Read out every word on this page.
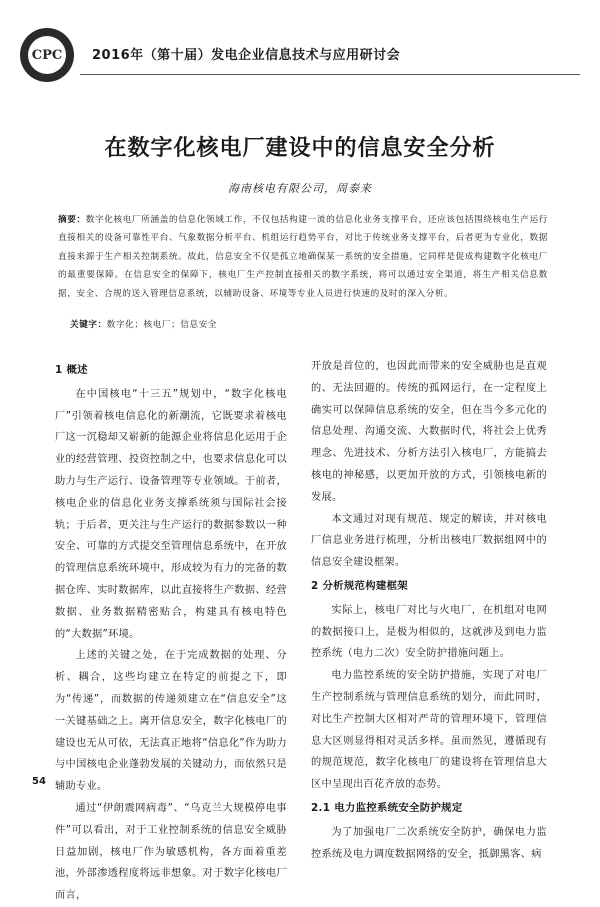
CPC 2016年（第十届）发电企业信息技术与应用研讨会
在数字化核电厂建设中的信息安全分析
海南核电有限公司，周泰来
摘要：数字化核电厂所涵盖的信息化领域工作，不仅包括构建一流的信息化业务支撑平台，还应该包括围绕核电生产运行直接相关的设备可靠性平台、气象数据分析平台、机组运行趋势平台，对比于传统业务支撑平台，后者更为专业化，数据直接来源于生产相关控制系统。故此，信息安全不仅是孤立地确保某一系统的安全措施，它同样是促成构建数字化核电厂的最重要保障。在信息安全的保障下，核电厂生产控制直接相关的数字系统，将可以通过安全渠道，将生产相关信息数据，安全、合规的送入管理信息系统，以辅助设备、环境等专业人员进行快速的及时的深入分析。
关键字：数字化；核电厂；信息安全
1 概述

在中国核电“十三五”规划中，“数字化核电厂”引领着核电信息化的新潮流，它既要求着核电厂这一沉稳却又崭新的能源企业将信息化运用于企业的经营管理、投资控制之中，也要求信息化可以助力与生产运行、设备管理等专业领域。于前者，核电企业的信息化业务支撑系统须与国际社会接轨；于后者，更关注与生产运行的数据参数以一种安全、可靠的方式提交至管理信息系统中，在开放的管理信息系统环境中，形成较为有力的完备的数据仓库、实时数据库，以此直接将生产数据、经营数据、业务数据精密贴合，构建具有核电特色的“大数据”环境。

上述的关键之处，在于完成数据的处理、分析、耦合，这些均建立在特定的前提之下，即为“传递”，而数据的传递须建立在“信息安全”这一关键基础之上。离开信息安全，数字化核电厂的建设也无从可依，无法真正地将“信息化”作为助力与中国核电企业蓬勃发展的关键动力，而依然只是辅助专业。

通过“伊朗震网病毒”、“乌克兰大规模停电事件”可以看出，对于工业控制系统的信息安全威胁日益加剧，核电厂作为敏感机构，各方面着重差池，外部渗透程度将远非想象。对于数字化核电厂而言，

开放是首位的，也因此而带来的安全威胁也是直观的、无法回避的。传统的孤网运行，在一定程度上确实可以保障信息系统的安全，但在当今多元化的信息处理、沟通交流、大数据时代，将社会上优秀理念、先进技术、分析方法引入核电厂，方能搞去核电的神秘感，以更加开放的方式，引领核电新的发展。

本文通过对现有规范、规定的解读，并对核电厂信息业务进行梳理，分析出核电厂数据组网中的信息安全建设框架。

2 分析规范构建框架

实际上，核电厂对比与火电厂，在机组对电网的数据接口上，是极为相似的，这就涉及到电力监控系统（电力二次）安全防护措施问题上。

电力监控系统的安全防护措施，实现了对电厂生产控制系统与管理信息系统的划分，而此同时，对比生产控制大区相对严苛的管理环境下，管理信息大区则显得相对灵活多样。虽而然见，遵循现有的规范规范，数字化核电厂的建设将在管理信息大区中呈现出百花齐放的态势。

2.1 电力监控系统安全防护规定

为了加强电厂二次系统安全防护，确保电力监控系统及电力调度数据网络的安全，抵御黑客、病

54
